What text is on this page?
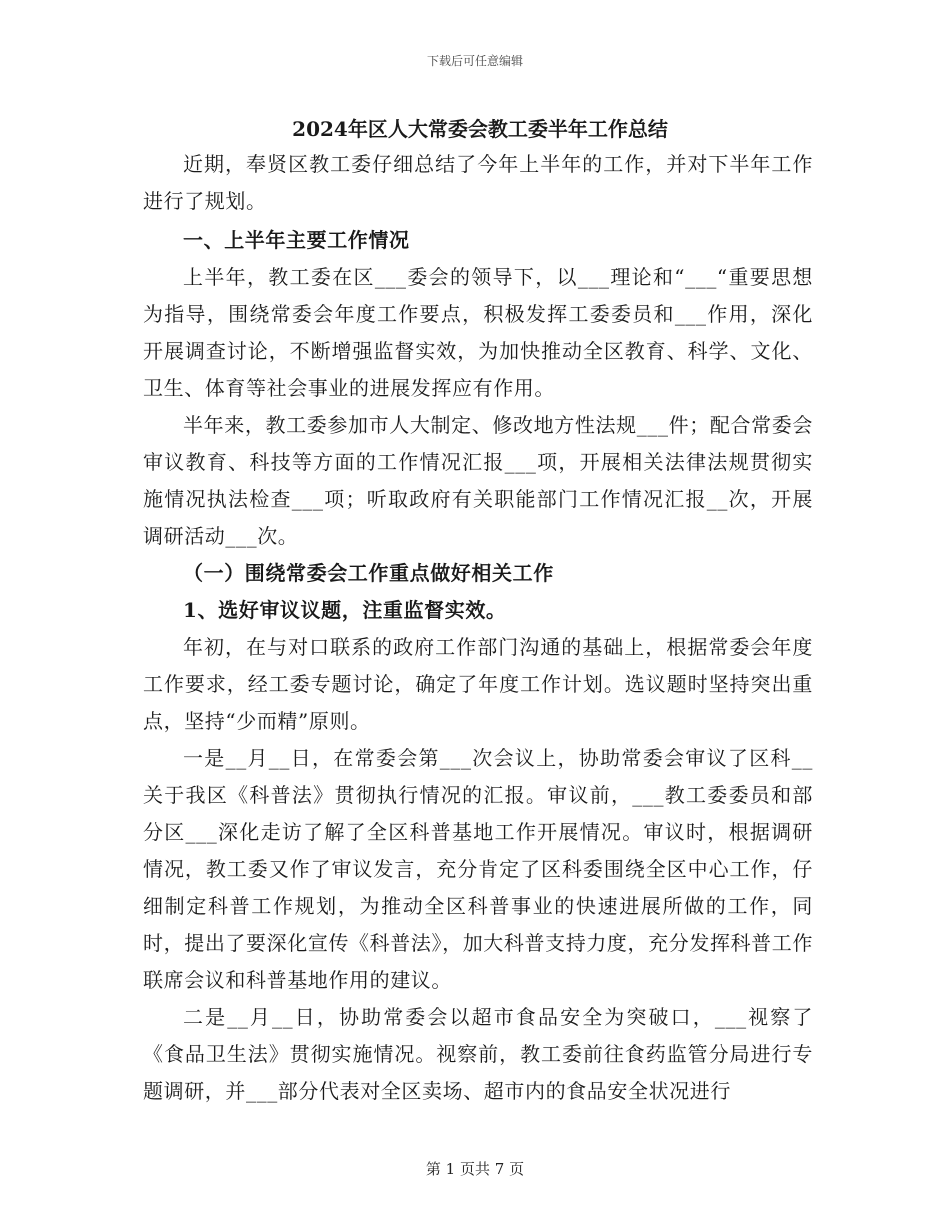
下载后可任意编辑
2024年区人大常委会教工委半年工作总结

近期，奉贤区教工委仔细总结了今年上半年的工作，并对下半年工作进行了规划。

一、上半年主要工作情况

上半年，教工委在区___委会的领导下，以___理论和“___“重要思想为指导，围绕常委会年度工作要点，积极发挥工委委员和___作用，深化开展调查讨论，不断增强监督实效，为加快推动全区教育、科学、文化、卫生、体育等社会事业的进展发挥应有作用。

半年来，教工委参加市人大制定、修改地方性法规___件；配合常委会审议教育、科技等方面的工作情况汇报___项，开展相关法律法规贯彻实施情况执法检查___项；听取政府有关职能部门工作情况汇报__次，开展调研活动___次。

（一）围绕常委会工作重点做好相关工作

1、选好审议议题，注重监督实效。

年初，在与对口联系的政府工作部门沟通的基础上，根据常委会年度工作要求，经工委专题讨论，确定了年度工作计划。选议题时坚持突出重点，坚持“少而精”原则。

一是__月__日，在常委会第___次会议上，协助常委会审议了区科__关于我区《科普法》贯彻执行情况的汇报。审议前，___教工委委员和部分区___深化走访了解了全区科普基地工作开展情况。审议时，根据调研情况，教工委又作了审议发言，充分肯定了区科委围绕全区中心工作，仔细制定科普工作规划，为推动全区科普事业的快速进展所做的工作，同时，提出了要深化宣传《科普法》，加大科普支持力度，充分发挥科普工作联席会议和科普基地作用的建议。

二是__月__日，协助常委会以超市食品安全为突破口，___视察了《食品卫生法》贯彻实施情况。视察前，教工委前往食药监管分局进行专题调研，并___部分代表对全区卖场、超市内的食品安全状况进行

第 1 页共 7 页
